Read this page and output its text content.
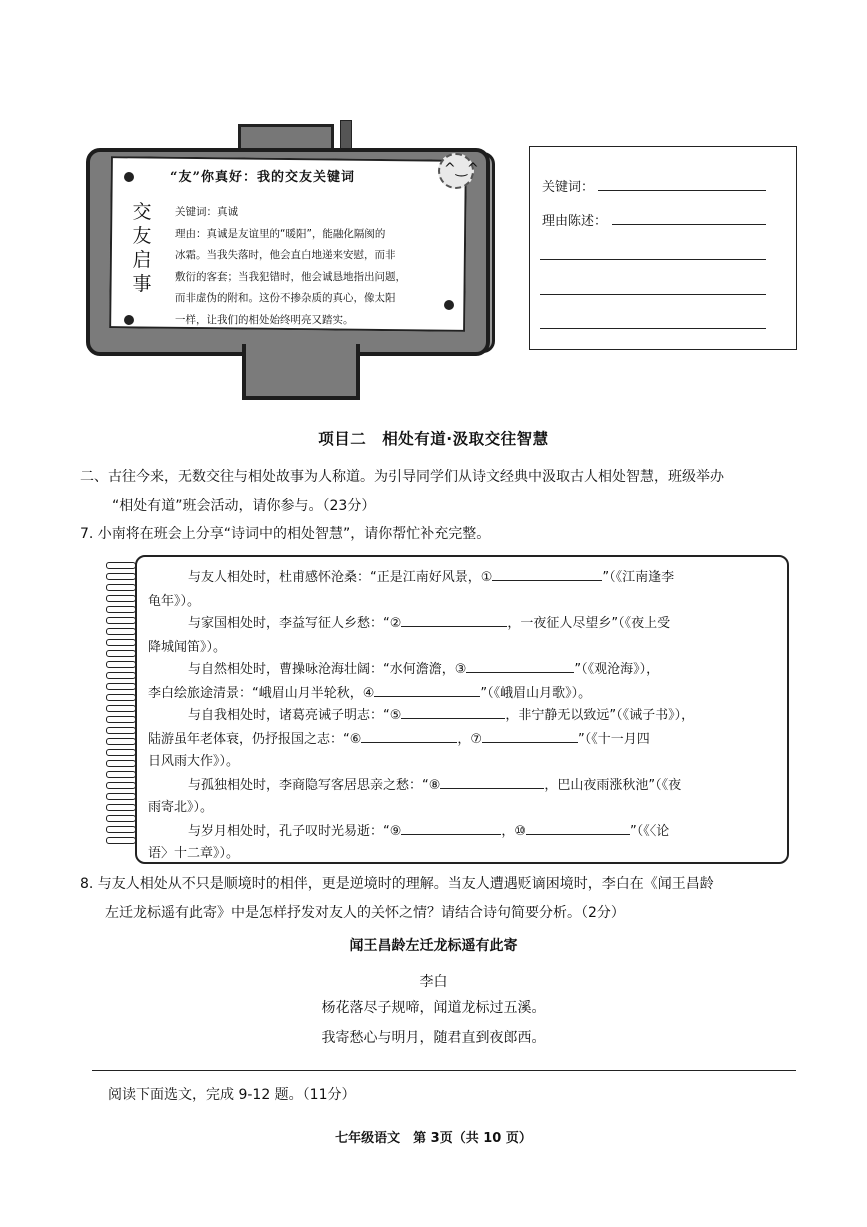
^‿^
“友”你真好：我的交友关键词
交
友
启
事
关键词：真诚
理由：真诚是友谊里的“暖阳”，能融化隔阂的
冰霜。当我失落时，他会直白地递来安慰，而非
敷衍的客套；当我犯错时，他会诚恳地指出问题，
而非虚伪的附和。这份不掺杂质的真心，像太阳
一样，让我们的相处始终明亮又踏实。
关键词：
理由陈述：
项目二　相处有道·汲取交往智慧
二、古往今来，无数交往与相处故事为人称道。为引导同学们从诗文经典中汲取古人相处智慧，班级举办
“相处有道”班会活动，请你参与。（23分）
7. 小南将在班会上分享“诗词中的相处智慧”，请你帮忙补充完整。
与友人相处时，杜甫感怀沧桑：“正是江南好风景，①	”（《江南逢李
龟年》）。
与家国相处时，李益写征人乡愁：“②	，一夜征人尽望乡”（《夜上受
降城闻笛》）。
与自然相处时，曹操咏沧海壮阔：“水何澹澹，③	”（《观沧海》），
李白绘旅途清景：“峨眉山月半轮秋，④	”（《峨眉山月歌》）。
与自我相处时，诸葛亮诫子明志：“⑤	，非宁静无以致远”（《诫子书》），
陆游虽年老体衰，仍抒报国之志：“⑥	，⑦	”（《十一月四
日风雨大作》）。
与孤独相处时，李商隐写客居思亲之愁：“⑧	，巴山夜雨涨秋池”（《夜
雨寄北》）。
与岁月相处时，孔子叹时光易逝：“⑨	，⑩	”（《〈论
语〉十二章》）。
8. 与友人相处从不只是顺境时的相伴，更是逆境时的理解。当友人遭遇贬谪困境时，李白在《闻王昌龄
左迁龙标遥有此寄》中是怎样抒发对友人的关怀之情？请结合诗句简要分析。（2分）
闻王昌龄左迁龙标遥有此寄
李白
杨花落尽子规啼，闻道龙标过五溪。
我寄愁心与明月，随君直到夜郎西。
阅读下面选文，完成 9-12 题。（11分）
七年级语文　第 3页（共 10 页）
